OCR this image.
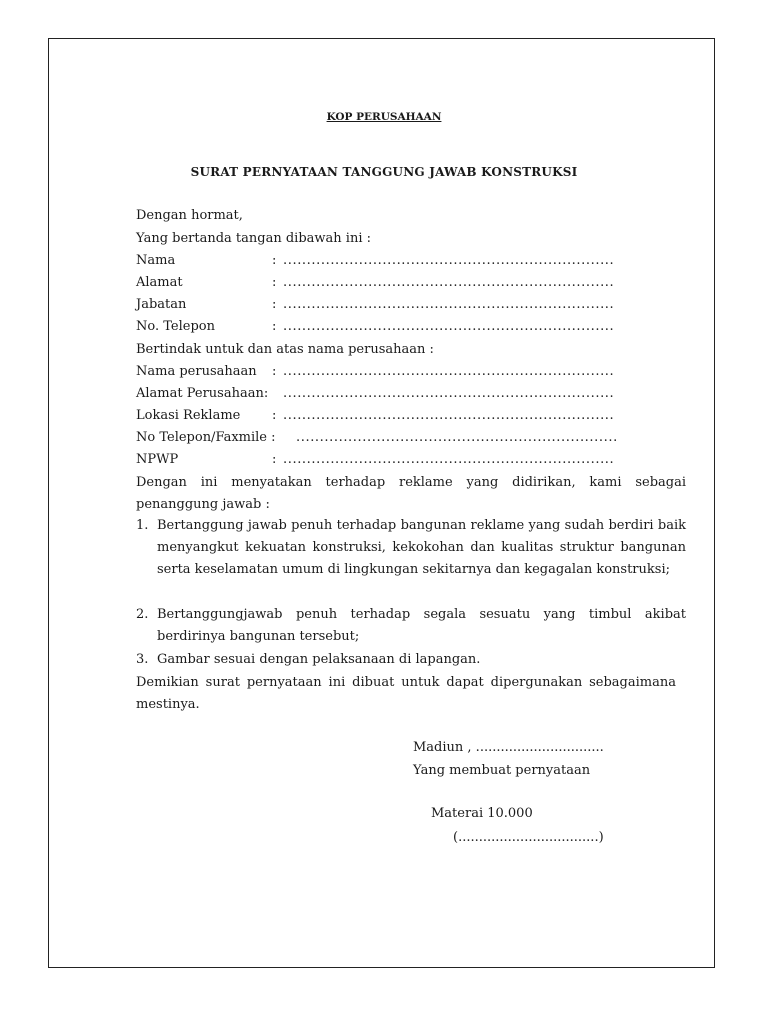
KOP PERUSAHAAN
SURAT PERNYATAAN TANGGUNG JAWAB KONSTRUKSI
Dengan hormat,
Yang bertanda tangan dibawah ini :
Nama	: ......................................................................
Alamat	: ......................................................................
Jabatan	: ......................................................................
No. Telepon	: ......................................................................
Bertindak untuk dan atas nama perusahaan :
Nama perusahaan : ......................................................................
Alamat Perusahaan: ......................................................................
Lokasi Reklame : ......................................................................
No Telepon/Faxmile : ....................................................................
NPWP	: ......................................................................
Dengan ini menyatakan terhadap reklame yang didirikan, kami sebagai penanggung jawab :
1. Bertanggung jawab penuh terhadap bangunan reklame yang sudah berdiri baik menyangkut kekuatan konstruksi, kekokohan dan kualitas struktur bangunan serta keselamatan umum di lingkungan sekitarnya dan kegagalan konstruksi;
2. Bertanggungjawab penuh terhadap segala sesuatu yang timbul akibat berdirinya bangunan tersebut;
3. Gambar sesuai dengan pelaksanaan di lapangan.
Demikian surat pernyataan ini dibuat untuk dapat dipergunakan sebagaimana mestinya.
Madiun , ...............................
Yang membuat pernyataan
Materai 10.000
(..................................)
